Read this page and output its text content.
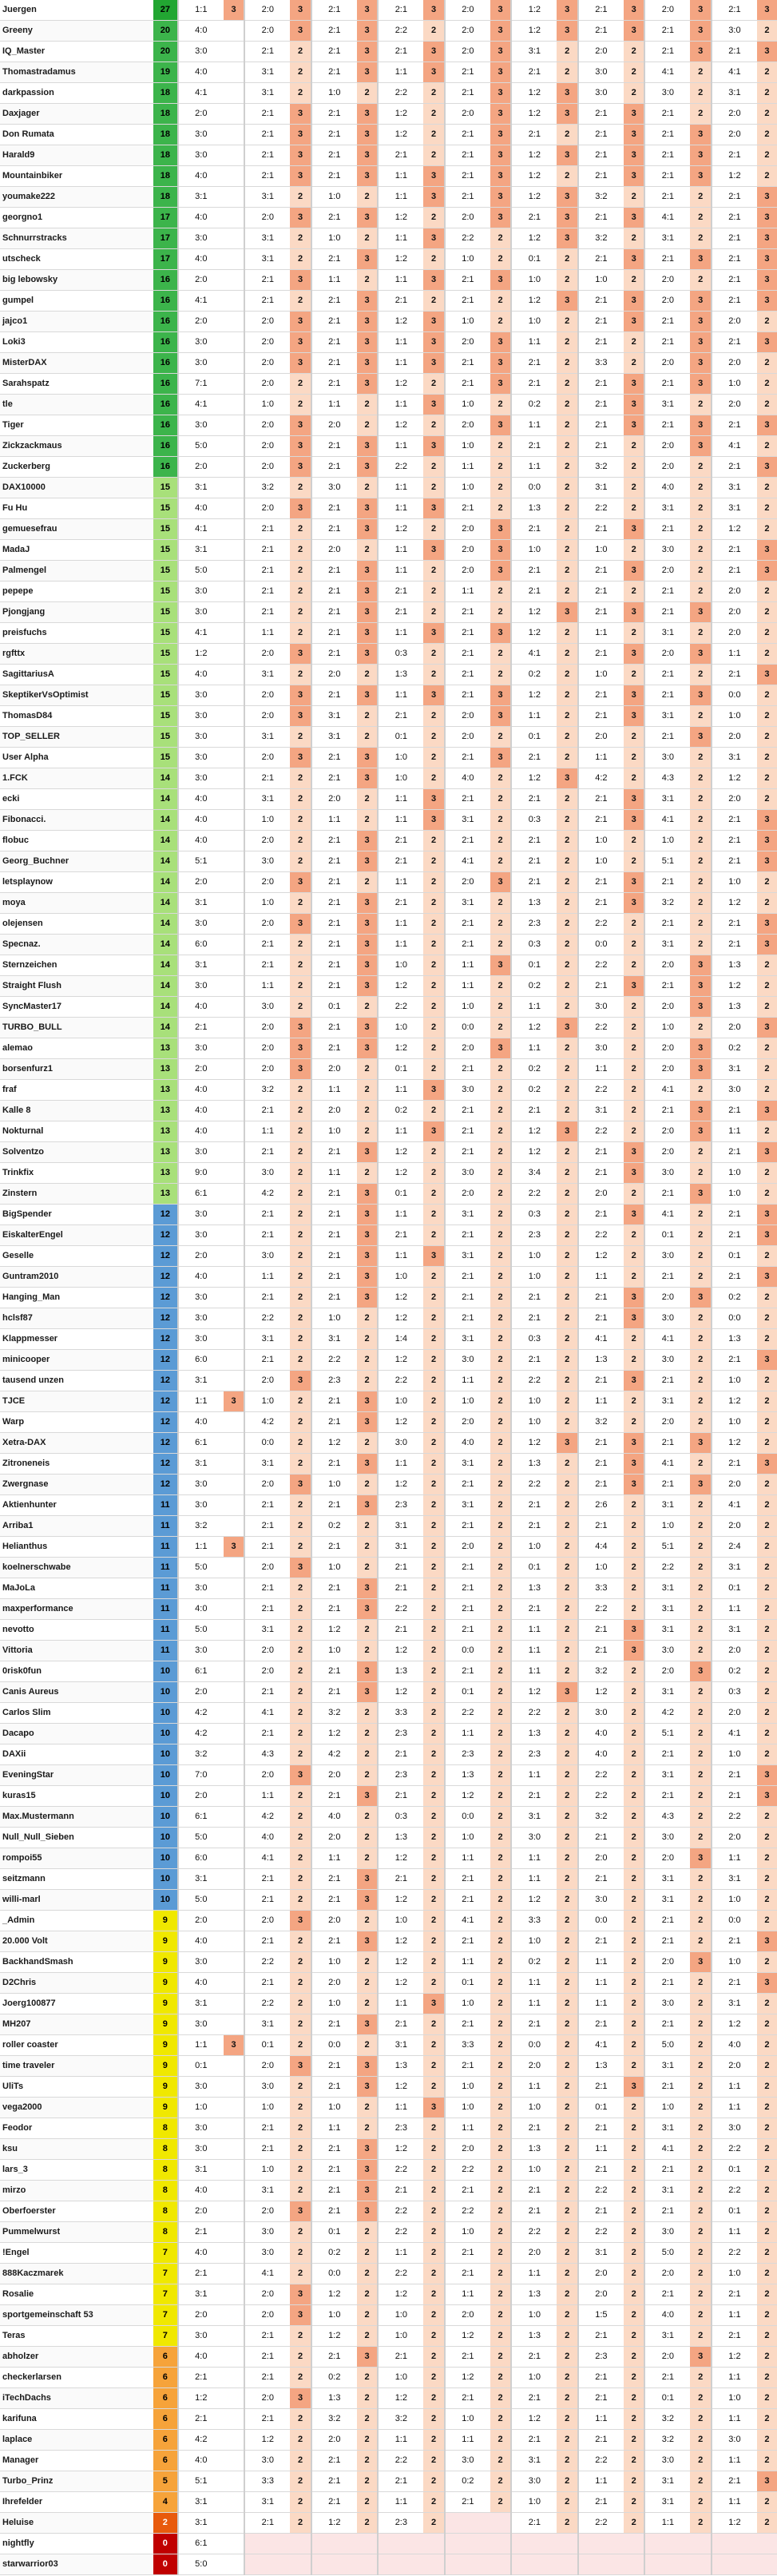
Juergen	27	1:1	3	2:0	3	2:1	3	2:1	3	2:0	3	1:2	3	2:1	3	2:0	3	2:1	3
Greeny	20	4:0		2:0	3	2:1	3	2:2	2	2:0	3	1:2	3	2:1	3	2:1	3	3:0	2
IQ_Master	20	3:0		2:1	2	2:1	3	2:1	3	2:0	3	3:1	2	2:0	2	2:1	3	2:1	3
Thomastradamus	19	4:0		3:1	2	2:1	3	1:1	3	2:1	3	2:1	2	3:0	2	4:1	2	4:1	2
darkpassion	18	4:1		3:1	2	1:0	2	2:2	2	2:1	3	1:2	3	3:0	2	3:0	2	3:1	2
Daxjager	18	2:0		2:1	3	2:1	3	1:2	2	2:0	3	1:2	3	2:1	3	2:1	2	2:0	2
Don Rumata	18	3:0		2:1	3	2:1	3	1:2	2	2:1	3	2:1	2	2:1	3	2:1	3	2:0	2
Harald9	18	3:0		2:1	3	2:1	3	2:1	2	2:1	3	1:2	3	2:1	3	2:1	3	2:1	2
Mountainbiker	18	4:0		2:1	3	2:1	3	1:1	3	2:1	3	1:2	2	2:1	3	2:1	3	1:2	2
youmake222	18	3:1		3:1	2	1:0	2	1:1	3	2:1	3	1:2	3	3:2	2	2:1	2	2:1	3
georgno1	17	4:0		2:0	3	2:1	3	1:2	2	2:0	3	2:1	3	2:1	3	4:1	2	2:1	3
Schnurrstracks	17	3:0		3:1	2	1:0	2	1:1	3	2:2	2	1:2	3	3:2	2	3:1	2	2:1	3
utscheck	17	4:0		3:1	2	2:1	3	1:2	2	1:0	2	0:1	2	2:1	3	2:1	3	2:1	3
big lebowsky	16	2:0		2:1	3	1:1	2	1:1	3	2:1	3	1:0	2	1:0	2	2:0	2	2:1	3
gumpel	16	4:1		2:1	2	2:1	3	2:1	2	2:1	2	1:2	3	2:1	3	2:0	3	2:1	3
jajco1	16	2:0		2:0	3	2:1	3	1:2	3	1:0	2	1:0	2	2:1	3	2:1	3	2:0	2
Loki3	16	3:0		2:0	3	2:1	3	1:1	3	2:0	3	1:1	2	2:1	2	2:1	3	2:1	3
MisterDAX	16	3:0		2:0	3	2:1	3	1:1	3	2:1	3	2:1	2	3:3	2	2:0	3	2:0	2
Sarahspatz	16	7:1		2:0	2	2:1	3	1:2	2	2:1	3	2:1	2	2:1	3	2:1	3	1:0	2
tle	16	4:1		1:0	2	1:1	2	1:1	3	1:0	2	0:2	2	2:1	3	3:1	2	2:0	2
Tiger	16	3:0		2:0	3	2:0	2	1:2	2	2:0	3	1:1	2	2:1	3	2:1	3	2:1	3
Zickzackmaus	16	5:0		2:0	3	2:1	3	1:1	3	1:0	2	2:1	2	2:1	2	2:0	3	4:1	2
Zuckerberg	16	2:0		2:0	3	2:1	3	2:2	2	1:1	2	1:1	2	3:2	2	2:0	2	2:1	3
DAX10000	15	3:1		3:2	2	3:0	2	1:1	2	1:0	2	0:0	2	3:1	2	4:0	2	3:1	2
Fu Hu	15	4:0		2:0	3	2:1	3	1:1	3	2:1	2	1:3	2	2:2	2	3:1	2	3:1	2
gemuesefrau	15	4:1		2:1	2	2:1	3	1:2	2	2:0	3	2:1	2	2:1	3	2:1	2	1:2	2
MadaJ	15	3:1		2:1	2	2:0	2	1:1	3	2:0	3	1:0	2	1:0	2	3:0	2	2:1	3
Palmengel	15	5:0		2:1	2	2:1	3	1:1	2	2:0	3	2:1	2	2:1	3	2:0	2	2:1	3
pepepe	15	3:0		2:1	2	2:1	3	2:1	2	1:1	2	2:1	2	2:1	2	2:1	2	2:0	2
Pjongjang	15	3:0		2:1	2	2:1	3	2:1	2	2:1	2	1:2	3	2:1	3	2:1	3	2:0	2
preisfuchs	15	4:1		1:1	2	2:1	3	1:1	3	2:1	3	1:2	2	1:1	2	3:1	2	2:0	2
rgfttx	15	1:2		2:0	3	2:1	3	0:3	2	2:1	2	4:1	2	2:1	3	2:0	3	1:1	2
SagittariusA	15	4:0		3:1	2	2:0	2	1:3	2	2:1	2	0:2	2	1:0	2	2:1	2	2:1	3
SkeptikerVsOptimist	15	3:0		2:0	3	2:1	3	1:1	3	2:1	3	1:2	2	2:1	3	2:1	3	0:0	2
ThomasD84	15	3:0		2:0	3	3:1	2	2:1	2	2:0	3	1:1	2	2:1	3	3:1	2	1:0	2
TOP_SELLER	15	3:0		3:1	2	3:1	2	0:1	2	2:0	2	0:1	2	2:0	2	2:1	3	2:0	2
User Alpha	15	3:0		2:0	3	2:1	3	1:0	2	2:1	3	2:1	2	1:1	2	3:0	2	3:1	2
1.FCK	14	3:0		2:1	2	2:1	3	1:0	2	4:0	2	1:2	3	4:2	2	4:3	2	1:2	2
ecki	14	4:0		3:1	2	2:0	2	1:1	3	2:1	2	2:1	2	2:1	3	3:1	2	2:0	2
Fibonacci.	14	4:0		1:0	2	1:1	2	1:1	3	3:1	2	0:3	2	2:1	3	4:1	2	2:1	3
flobuc	14	4:0		2:0	2	2:1	3	2:1	2	2:1	2	2:1	2	1:0	2	1:0	2	2:1	3
Georg_Buchner	14	5:1		3:0	2	2:1	3	2:1	2	4:1	2	2:1	2	1:0	2	5:1	2	2:1	3
letsplaynow	14	2:0		2:0	3	2:1	2	1:1	2	2:0	3	2:1	2	2:1	3	2:1	2	1:0	2
moya	14	3:1		1:0	2	2:1	3	2:1	2	3:1	2	1:3	2	2:1	3	3:2	2	1:2	2
olejensen	14	3:0		2:0	3	2:1	3	1:1	2	2:1	2	2:3	2	2:2	2	2:1	2	2:1	3
Specnaz.	14	6:0		2:1	2	2:1	3	1:1	2	2:1	2	0:3	2	0:0	2	3:1	2	2:1	3
Sternzeichen	14	3:1		2:1	2	2:1	3	1:0	2	1:1	3	0:1	2	2:2	2	2:0	3	1:3	2
Straight Flush	14	3:0		1:1	2	2:1	3	1:2	2	1:1	2	0:2	2	2:1	3	2:1	3	1:2	2
SyncMaster17	14	4:0		3:0	2	0:1	2	2:2	2	1:0	2	1:1	2	3:0	2	2:0	3	1:3	2
TURBO_BULL	14	2:1		2:0	3	2:1	3	1:0	2	0:0	2	1:2	3	2:2	2	1:0	2	2:0	3
alemao	13	3:0		2:0	3	2:1	3	1:2	2	2:0	3	1:1	2	3:0	2	2:0	3	0:2	2
borsenfurz1	13	2:0		2:0	3	2:0	2	0:1	2	2:1	2	0:2	2	1:1	2	2:0	3	3:1	2
fraf	13	4:0		3:2	2	1:1	2	1:1	3	3:0	2	0:2	2	2:2	2	4:1	2	3:0	2
Kalle 8	13	4:0		2:1	2	2:0	2	0:2	2	2:1	2	2:1	2	3:1	2	2:1	3	2:1	3
Nokturnal	13	4:0		1:1	2	1:0	2	1:1	3	2:1	2	1:2	3	2:2	2	2:0	3	1:1	2
Solventzo	13	3:0		2:1	2	2:1	3	1:2	2	2:1	2	1:2	2	2:1	3	2:0	2	2:1	3
Trinkfix	13	9:0		3:0	2	1:1	2	1:2	2	3:0	2	3:4	2	2:1	3	3:0	2	1:0	2
Zinstern	13	6:1		4:2	2	2:1	3	0:1	2	2:0	2	2:2	2	2:0	2	2:1	3	1:0	2
BigSpender	12	3:0		2:1	2	2:1	3	1:1	2	3:1	2	0:3	2	2:1	3	4:1	2	2:1	3
EiskalterEngel	12	3:0		2:1	2	2:1	3	2:1	2	2:1	2	2:3	2	2:2	2	0:1	2	2:1	3
Geselle	12	2:0		3:0	2	2:1	3	1:1	3	3:1	2	1:0	2	1:2	2	3:0	2	0:1	2
Guntram2010	12	4:0		1:1	2	2:1	3	1:0	2	2:1	2	1:0	2	1:1	2	2:1	2	2:1	3
Hanging_Man	12	3:0		2:1	2	2:1	3	1:2	2	2:1	2	2:1	2	2:1	3	2:0	3	0:2	2
hclsf87	12	3:0		2:2	2	1:0	2	1:2	2	2:1	2	2:1	2	2:1	3	3:0	2	0:0	2
Klappmesser	12	3:0		3:1	2	3:1	2	1:4	2	3:1	2	0:3	2	4:1	2	4:1	2	1:3	2
minicooper	12	6:0		2:1	2	2:2	2	1:2	2	3:0	2	2:1	2	1:3	2	3:0	2	2:1	3
tausend unzen	12	3:1		2:0	3	2:3	2	2:2	2	1:1	2	2:2	2	2:1	3	2:1	2	1:0	2
TJCE	12	1:1	3	1:0	2	2:1	3	1:0	2	1:0	2	1:0	2	1:1	2	3:1	2	1:2	2
Warp	12	4:0		4:2	2	2:1	3	1:2	2	2:0	2	1:0	2	3:2	2	2:0	2	1:0	2
Xetra-DAX	12	6:1		0:0	2	1:2	2	3:0	2	4:0	2	1:2	3	2:1	3	2:1	3	1:2	2
Zitroneneis	12	3:1		3:1	2	2:1	3	1:1	2	3:1	2	1:3	2	2:1	3	4:1	2	2:1	3
Zwergnase	12	3:0		2:0	3	1:0	2	1:2	2	2:1	2	2:2	2	2:1	3	2:1	3	2:0	2
Aktienhunter	11	3:0		2:1	2	2:1	3	2:3	2	3:1	2	2:1	2	2:6	2	3:1	2	4:1	2
Arriba1	11	3:2		2:1	2	0:2	2	3:1	2	2:1	2	2:1	2	2:1	2	1:0	2	2:0	2
Helianthus	11	1:1	3	2:1	2	2:1	2	3:1	2	2:0	2	1:0	2	4:4	2	5:1	2	2:4	2
koelnerschwabe	11	5:0		2:0	3	1:0	2	2:1	2	2:1	2	0:1	2	1:0	2	2:2	2	3:1	2
MaJoLa	11	3:0		2:1	2	2:1	3	2:1	2	2:1	2	1:3	2	3:3	2	3:1	2	0:1	2
maxperformance	11	4:0		2:1	2	2:1	3	2:2	2	2:1	2	2:1	2	2:2	2	3:1	2	1:1	2
nevotto	11	5:0		3:1	2	1:2	2	2:1	2	2:1	2	1:1	2	2:1	3	3:1	2	3:1	2
Vittoria	11	3:0		2:0	2	1:0	2	1:2	2	0:0	2	1:1	2	2:1	3	3:0	2	2:0	2
0risk0fun	10	6:1		2:0	2	2:1	3	1:3	2	2:1	2	1:1	2	3:2	2	2:0	3	0:2	2
Canis Aureus	10	2:0		2:1	2	2:1	3	1:2	2	0:1	2	1:2	3	1:2	2	3:1	2	0:3	2
Carlos Slim	10	4:2		4:1	2	3:2	2	3:3	2	2:2	2	2:2	2	3:0	2	4:2	2	2:0	2
Dacapo	10	4:2		2:1	2	1:2	2	2:3	2	1:1	2	1:3	2	4:0	2	5:1	2	4:1	2
DAXii	10	3:2		4:3	2	4:2	2	2:1	2	2:3	2	2:3	2	4:0	2	2:1	2	1:0	2
EveningStar	10	7:0		2:0	3	2:0	2	2:3	2	1:3	2	1:1	2	2:2	2	3:1	2	2:1	3
kuras15	10	2:0		1:1	2	2:1	3	2:1	2	1:2	2	2:1	2	2:2	2	2:1	2	2:1	3
Max.Mustermann	10	6:1		4:2	2	4:0	2	0:3	2	0:0	2	3:1	2	3:2	2	4:3	2	2:2	2
Null_Null_Sieben	10	5:0		4:0	2	2:0	2	1:3	2	1:0	2	3:0	2	2:1	2	3:0	2	2:0	2
rompoi55	10	6:0		4:1	2	1:1	2	1:2	2	1:1	2	1:1	2	2:0	2	2:0	3	1:1	2
seitzmann	10	3:1		2:1	2	2:1	3	2:1	2	2:1	2	1:1	2	2:1	2	3:1	2	3:1	2
willi-marl	10	5:0		2:1	2	2:1	3	1:2	2	2:1	2	1:2	2	3:0	2	3:1	2	1:0	2
_Admin	9	2:0		2:0	3	2:0	2	1:0	2	4:1	2	3:3	2	0:0	2	2:1	2	0:0	2
20.000 Volt	9	4:0		2:1	2	2:1	3	1:2	2	2:1	2	1:0	2	2:1	2	2:1	2	2:1	3
BackhandSmash	9	3:0		2:2	2	1:0	2	1:2	2	1:1	2	0:2	2	1:1	2	2:0	3	1:0	2
D2Chris	9	4:0		2:1	2	2:0	2	1:2	2	0:1	2	1:1	2	1:1	2	2:1	2	2:1	3
Joerg100877	9	3:1		2:2	2	1:0	2	1:1	3	1:0	2	1:1	2	1:1	2	3:0	2	3:1	2
MH207	9	3:0		3:1	2	2:1	3	2:1	2	2:1	2	2:1	2	2:1	2	2:1	2	1:2	2
roller coaster	9	1:1	3	0:1	2	0:0	2	3:1	2	3:3	2	0:0	2	4:1	2	5:0	2	4:0	2
time traveler	9	0:1		2:0	3	2:1	3	1:3	2	2:1	2	2:0	2	1:3	2	3:1	2	2:0	2
UliTs	9	3:0		3:0	2	2:1	3	1:2	2	1:0	2	1:1	2	2:1	3	2:1	2	1:1	2
vega2000	9	1:0		1:0	2	1:0	2	1:1	3	1:0	2	1:0	2	0:1	2	1:0	2	1:1	2
Feodor	8	3:0		2:1	2	1:1	2	2:3	2	1:1	2	2:1	2	2:1	2	3:1	2	3:0	2
ksu	8	3:0		2:1	2	2:1	3	1:2	2	2:0	2	1:3	2	1:1	2	4:1	2	2:2	2
lars_3	8	3:1		1:0	2	2:1	3	2:2	2	2:2	2	1:0	2	2:1	2	2:1	2	0:1	2
mirzo	8	4:0		3:1	2	2:1	3	2:1	2	2:1	2	2:1	2	2:2	2	3:1	2	2:2	2
Oberfoerster	8	2:0		2:0	3	2:1	3	2:2	2	2:2	2	2:1	2	2:1	2	2:1	2	0:1	2
Pummelwurst	8	2:1		3:0	2	0:1	2	2:2	2	1:0	2	2:2	2	2:2	2	3:0	2	1:1	2
!Engel	7	4:0		3:0	2	0:2	2	1:1	2	2:1	2	2:0	2	3:1	2	5:0	2	2:2	2
888Kaczmarek	7	2:1		4:1	2	0:0	2	2:2	2	2:1	2	1:1	2	2:0	2	2:0	2	1:0	2
Rosalie	7	3:1		2:0	3	1:2	2	1:2	2	1:1	2	1:3	2	2:0	2	2:1	2	2:1	2
sportgemeinschaft 53	7	2:0		2:0	3	1:0	2	1:0	2	2:0	2	1:0	2	1:5	2	4:0	2	1:1	2
Teras	7	3:0		2:1	2	1:2	2	1:0	2	1:2	2	1:3	2	2:1	2	3:1	2	2:1	2
abholzer	6	4:0		2:1	2	2:1	3	2:1	2	2:1	2	2:1	2	2:3	2	2:0	3	1:2	2
checkerlarsen	6	2:1		2:1	2	0:2	2	1:0	2	1:2	2	1:0	2	2:1	2	2:1	2	1:1	2
iTechDachs	6	1:2		2:0	3	1:3	2	1:2	2	2:1	2	2:1	2	2:1	2	0:1	2	1:0	2
karifuna	6	2:1		2:1	2	3:2	2	3:2	2	1:0	2	1:2	2	1:1	2	3:2	2	1:1	2
laplace	6	4:2		1:2	2	2:0	2	1:1	2	1:1	2	2:1	2	2:1	2	3:2	2	3:0	2
Manager	6	4:0		3:0	2	2:1	2	2:2	2	3:0	2	3:1	2	2:2	2	3:0	2	1:1	2
Turbo_Prinz	5	5:1		3:3	2	2:1	2	2:1	2	0:2	2	3:0	2	1:1	2	3:1	2	2:1	3
Ihrefelder	4	3:1		3:1	2	2:1	2	1:1	2	2:1	2	1:0	2	2:1	2	3:1	2	1:1	2
Heluise	2	3:1		2:1	2	1:2	2	2:3	2			2:1	2	2:2	2	1:1	2	1:2	2
nightfly	0	6:1																	
starwarrior03	0	5:0																	
